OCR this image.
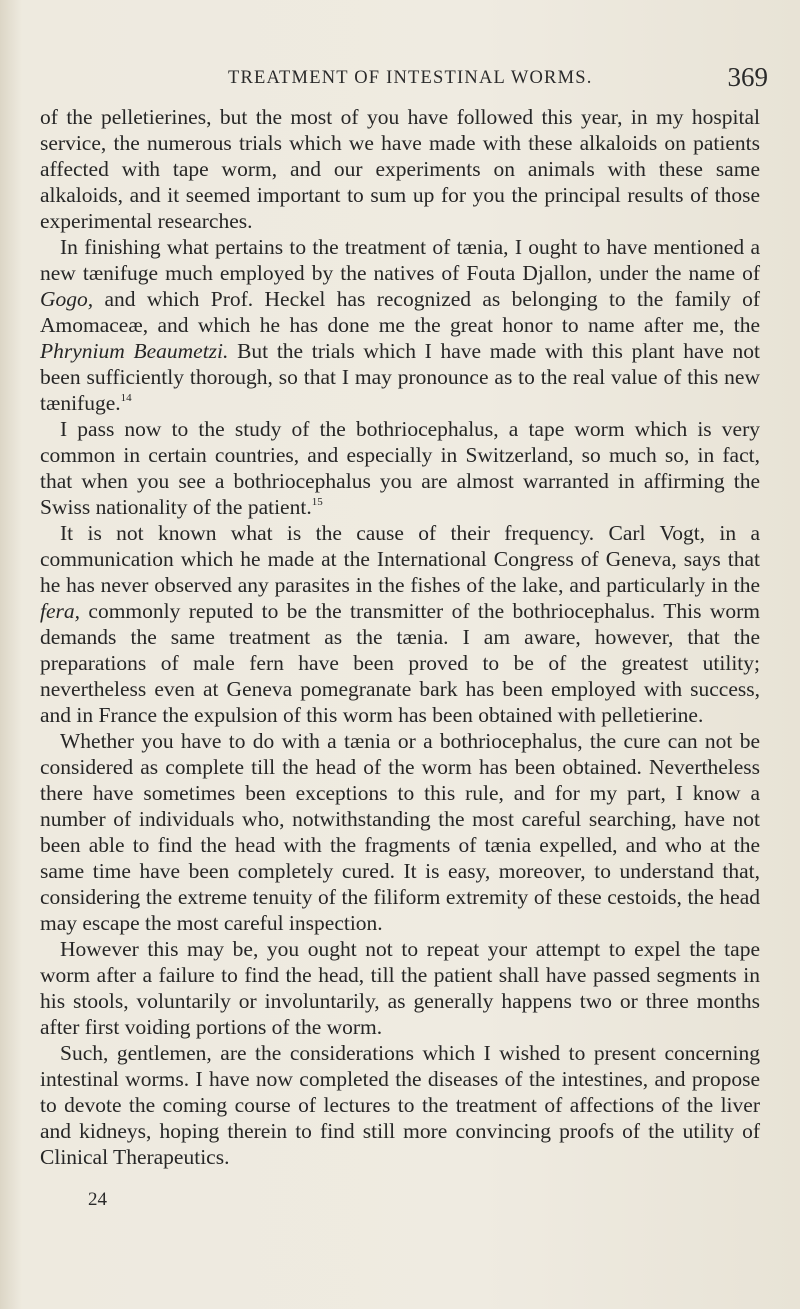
TREATMENT OF INTESTINAL WORMS.	369

of the pelletierines, but the most of you have followed this year, in my hospital service, the numerous trials which we have made with these alkaloids on patients affected with tape worm, and our experiments on animals with these same alkaloids, and it seemed important to sum up for you the principal results of those experimental researches.

In finishing what pertains to the treatment of tænia, I ought to have mentioned a new tænifuge much employed by the natives of Fouta Djallon, under the name of Gogo, and which Prof. Heckel has recognized as belonging to the family of Amomaceæ, and which he has done me the great honor to name after me, the Phrynium Beaumetzi. But the trials which I have made with this plant have not been sufficiently thorough, so that I may pronounce as to the real value of this new tænifuge.$^{14}$

I pass now to the study of the bothriocephalus, a tape worm which is very common in certain countries, and especially in Switzerland, so much so, in fact, that when you see a bothriocephalus you are almost warranted in affirming the Swiss nationality of the patient.$^{15}$

It is not known what is the cause of their frequency. Carl Vogt, in a communication which he made at the International Congress of Geneva, says that he has never observed any parasites in the fishes of the lake, and particularly in the fera, commonly reputed to be the transmitter of the bothriocephalus. This worm demands the same treatment as the tænia. I am aware, however, that the preparations of male fern have been proved to be of the greatest utility; nevertheless even at Geneva pomegranate bark has been employed with success, and in France the expulsion of this worm has been obtained with pelletierine.

Whether you have to do with a tænia or a bothriocephalus, the cure can not be considered as complete till the head of the worm has been obtained. Nevertheless there have sometimes been exceptions to this rule, and for my part, I know a number of individuals who, notwithstanding the most careful searching, have not been able to find the head with the fragments of tænia expelled, and who at the same time have been completely cured. It is easy, moreover, to understand that, considering the extreme tenuity of the filiform extremity of these cestoids, the head may escape the most careful inspection.

However this may be, you ought not to repeat your attempt to expel the tape worm after a failure to find the head, till the patient shall have passed segments in his stools, voluntarily or involuntarily, as generally happens two or three months after first voiding portions of the worm.

Such, gentlemen, are the considerations which I wished to present concerning intestinal worms. I have now completed the diseases of the intestines, and propose to devote the coming course of lectures to the treatment of affections of the liver and kidneys, hoping therein to find still more convincing proofs of the utility of Clinical Therapeutics.

24
